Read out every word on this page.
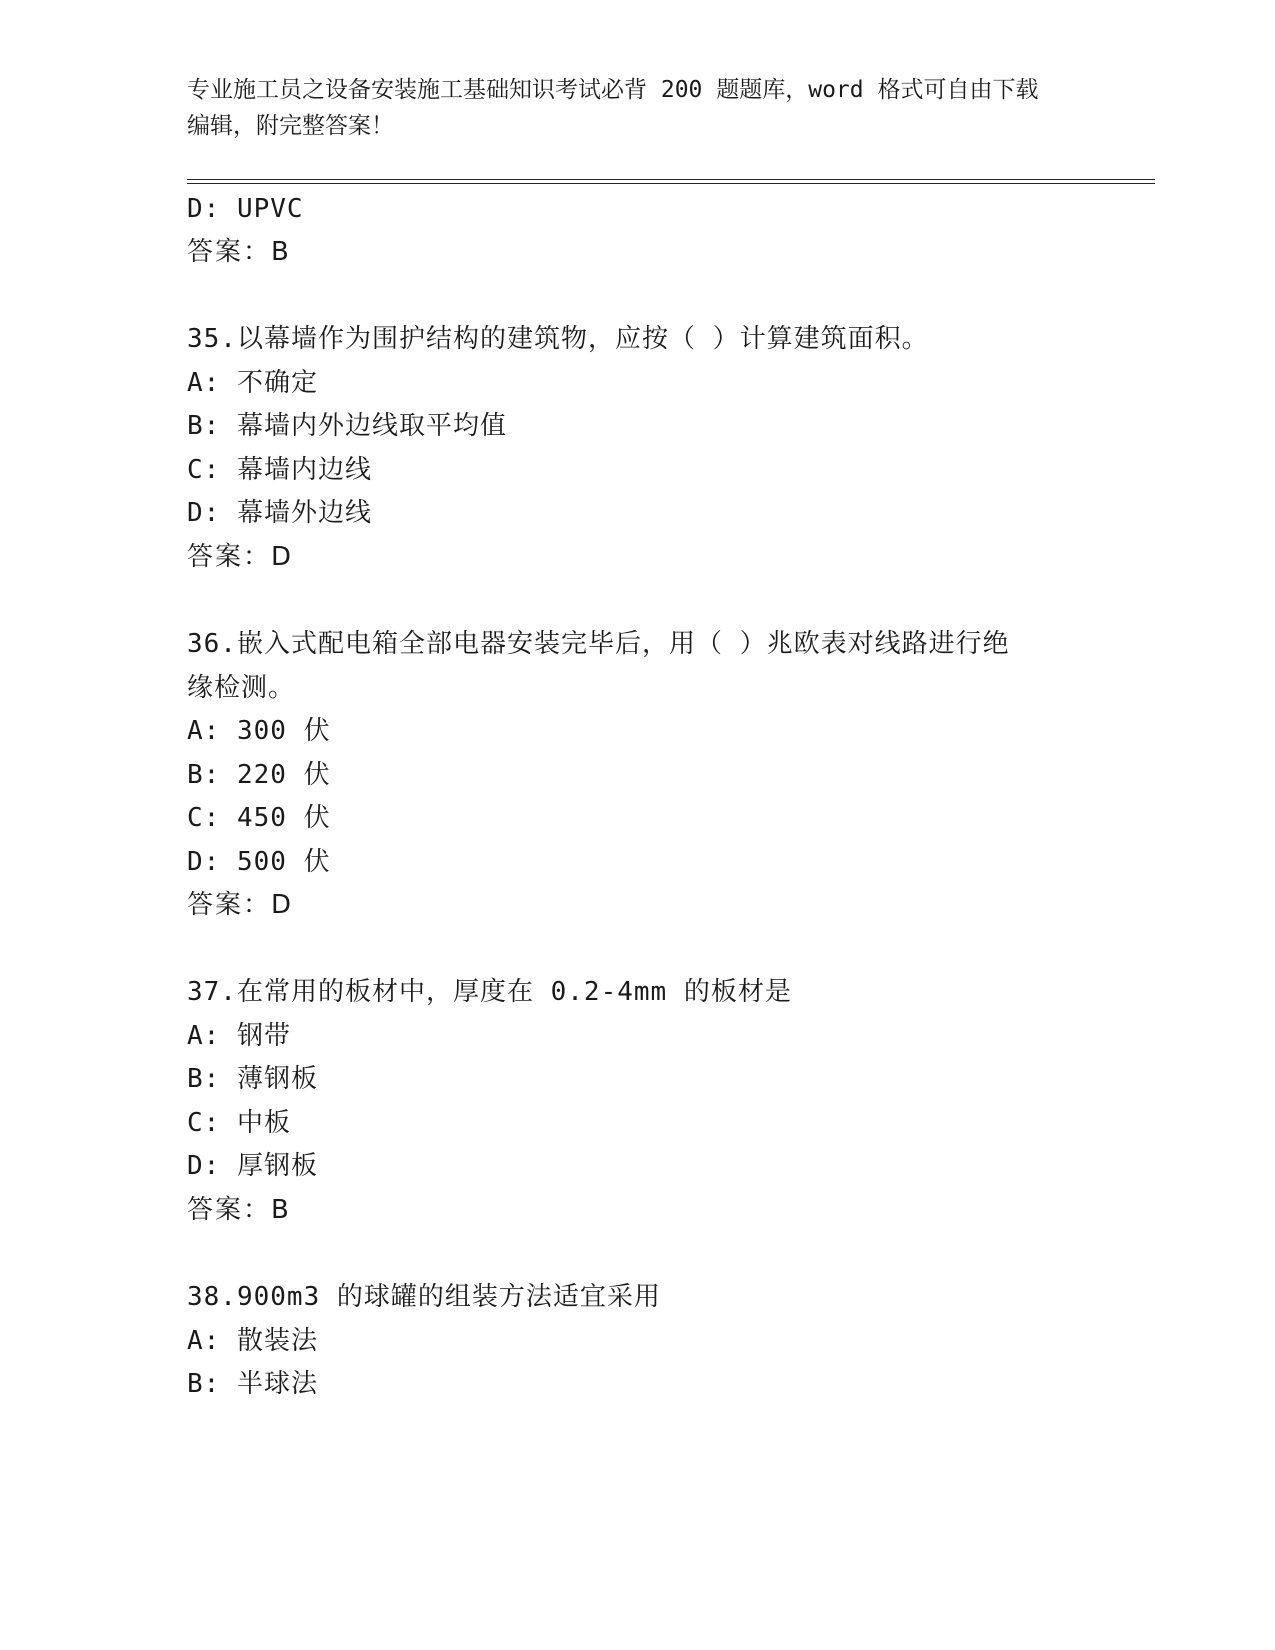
专业施工员之设备安装施工基础知识考试必背 200 题题库，word 格式可自由下载
编辑，附完整答案！
D: UPVC
答案：B
35.以幕墙作为围护结构的建筑物，应按（ ）计算建筑面积。
A: 不确定
B: 幕墙内外边线取平均值
C: 幕墙内边线
D: 幕墙外边线
答案：D
36.嵌入式配电箱全部电器安装完毕后，用（ ）兆欧表对线路进行绝
缘检测。
A: 300 伏
B: 220 伏
C: 450 伏
D: 500 伏
答案：D
37.在常用的板材中，厚度在 0.2-4mm 的板材是
A: 钢带
B: 薄钢板
C: 中板
D: 厚钢板
答案：B
38.900m3 的球罐的组装方法适宜采用
A: 散装法
B: 半球法
